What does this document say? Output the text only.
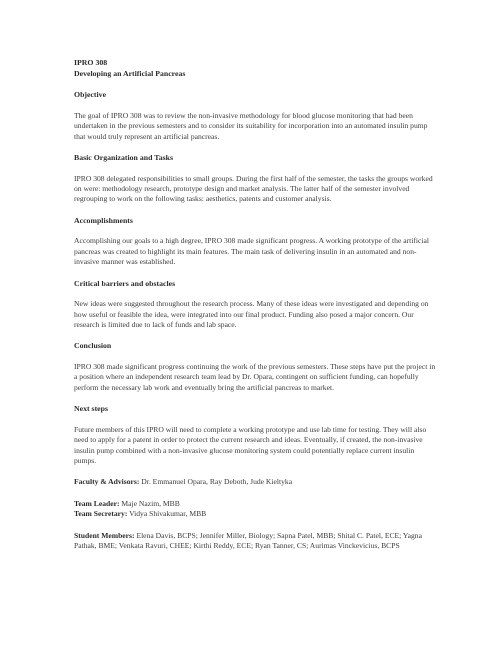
IPRO 308

Developing an Artificial Pancreas

Objective

The goal of IPRO 308 was to review the non-invasive methodology for blood glucose monitoring that had been undertaken in the previous semesters and to consider its suitability for incorporation into an automated insulin pump that would truly represent an artificial pancreas.

Basic Organization and Tasks

IPRO 308 delegated responsibilities to small groups. During the first half of the semester, the tasks the groups worked on were: methodology research, prototype design and market analysis. The latter half of the semester involved regrouping to work on the following tasks: aesthetics, patents and customer analysis.

Accomplishments

Accomplishing our goals to a high degree, IPRO 308 made significant progress. A working prototype of the artificial pancreas was created to highlight its main features. The main task of delivering insulin in an automated and non-invasive manner was established.

Critical barriers and obstacles

New ideas were suggested throughout the research process. Many of these ideas were investigated and depending on how useful or feasible the idea, were integrated into our final product. Funding also posed a major concern. Our research is limited due to lack of funds and lab space.

Conclusion

IPRO 308 made significant progress continuing the work of the previous semesters. These steps have put the project in a position where an independent research team lead by Dr. Opara, contingent on sufficient funding, can hopefully perform the necessary lab work and eventually bring the artificial pancreas to market.

Next steps

Future members of this IPRO will need to complete a working prototype and use lab time for testing. They will also need to apply for a patent in order to protect the current research and ideas. Eventually, if created, the non-invasive insulin pump combined with a non-invasive glucose monitoring system could potentially replace current insulin pumps.

Faculty & Advisors: Dr. Emmanuel Opara, Ray Deboth, Jude Kieltyka

Team Leader: Maje Nazim, MBB

Team Secretary: Vidya Shivakumar, MBB

Student Members: Elena Davis, BCPS; Jennifer Miller, Biology; Sapna Patel, MBB; Shital C. Patel, ECE; Yagna Pathak, BME; Venkata Ravuri, CHEE; Kirthi Reddy, ECE; Ryan Tanner, CS; Aurimas Vinckevicius, BCPS
